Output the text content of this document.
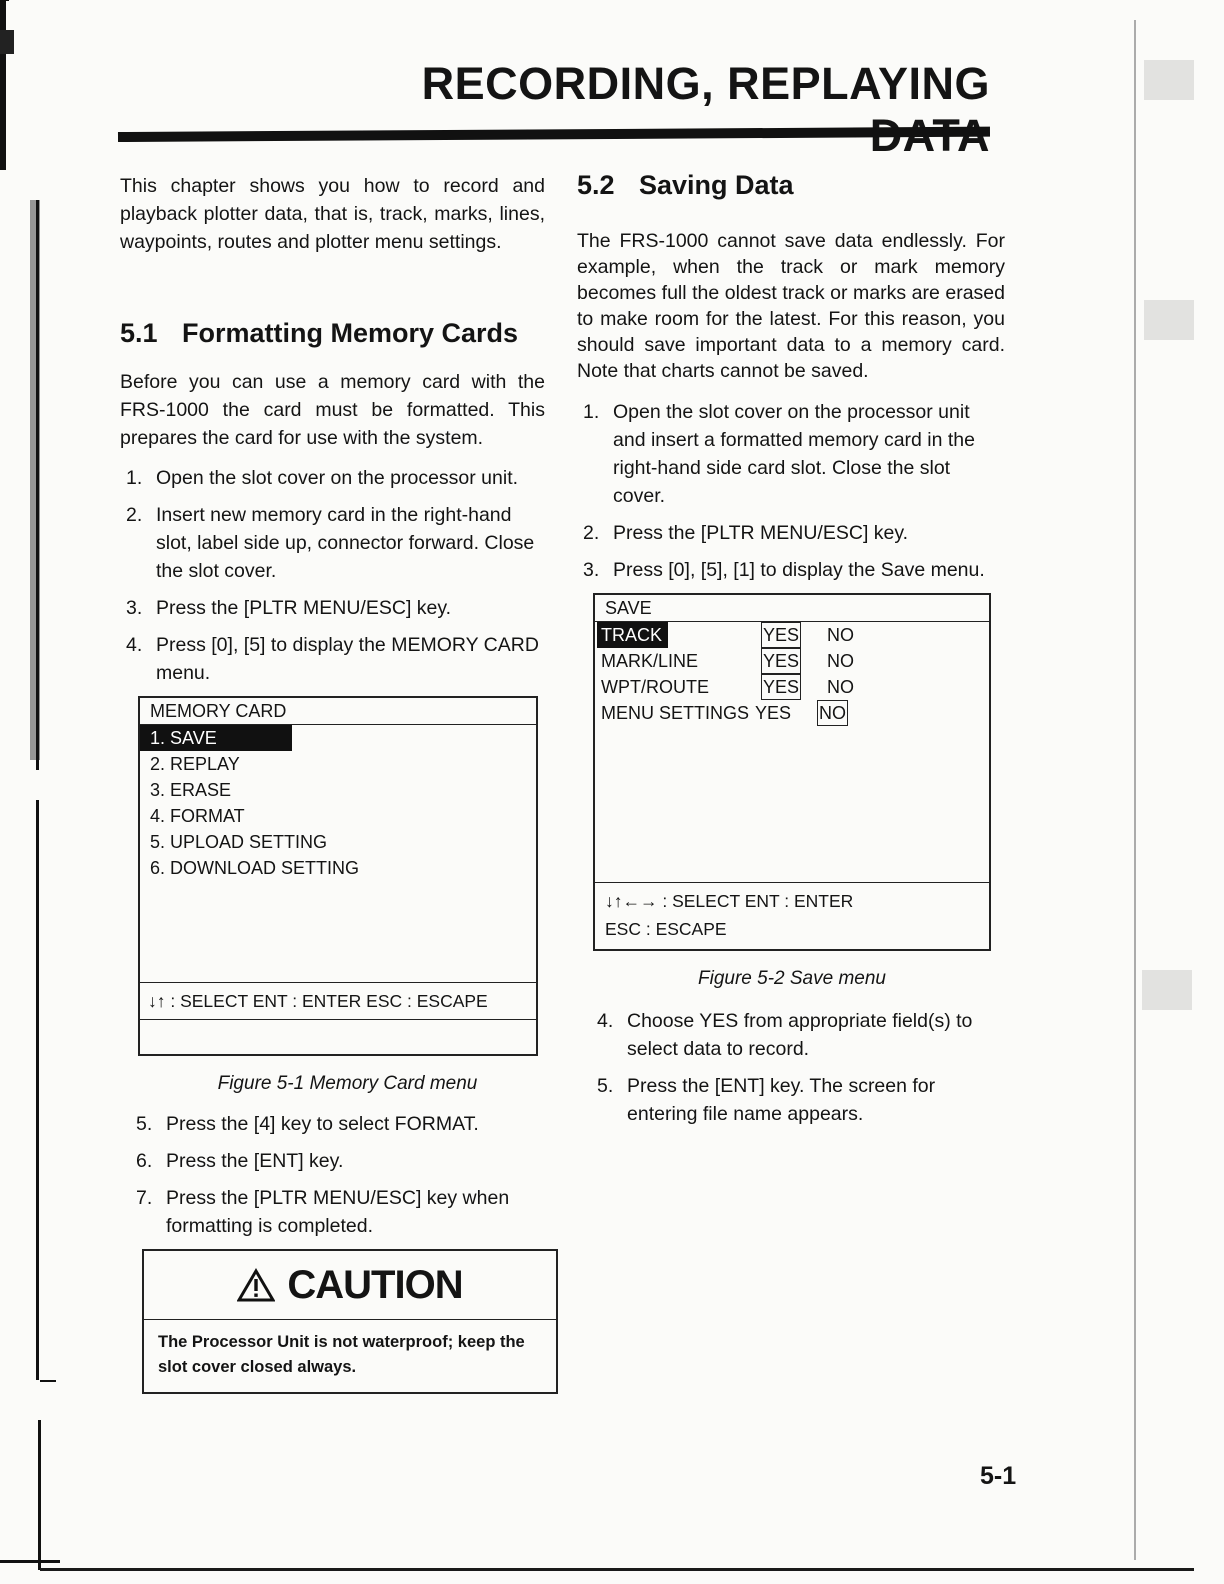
RECORDING, REPLAYING

This chapter shows you how to record and playback plotter data, that is, track, marks, lines, waypoints, routes and plotter menu settings.

5.1 Formatting Memory Cards

Before you can use a memory card with the FRS-1000 the card must be formatted. This prepares the card for use with the system.

1. Open the slot cover on the processor unit.
2. Insert new memory card in the right-hand slot, label side up, connector forward. Close the slot cover.
3. Press the [PLTR MENU/ESC] key.
4. Press [0], [5] to display the MEMORY CARD menu.
MEMORY CARD
1. SAVE
2. REPLAY
3. ERASE
4. FORMAT
5. UPLOAD SETTING
6. DOWNLOAD SETTING
↓↑ : SELECT ENT : ENTER ESC : ESCAPE

Figure 5-1 Memory Card menu

5. Press the [4] key to select FORMAT.
6. Press the [ENT] key.
7. Press the [PLTR MENU/ESC] key when formatting is completed.
CAUTION
The Processor Unit is not waterproof; keep the slot cover closed always.
5.2 Saving Data

The FRS-1000 cannot save data endlessly. For example, when the track or mark memory becomes full the oldest track or marks are erased to make room for the latest. For this reason, you should save important data to a memory card. Note that charts cannot be saved.

1. Open the slot cover on the processor unit and insert a formatted memory card in the right-hand side card slot. Close the slot cover.
2. Press the [PLTR MENU/ESC] key.
3. Press [0], [5], [1] to display the Save menu.
SAVE
TRACK	YES NO
MARK/LINE	YES NO
WPT/ROUTE	YES NO
MENU SETTINGS YES NO
↓↑←→ : SELECT ENT : ENTER
ESC : ESCAPE

Figure 5-2 Save menu

4. Choose YES from appropriate field(s) to select data to record.
5. Press the [ENT] key. The screen for entering file name appears.

5-1
